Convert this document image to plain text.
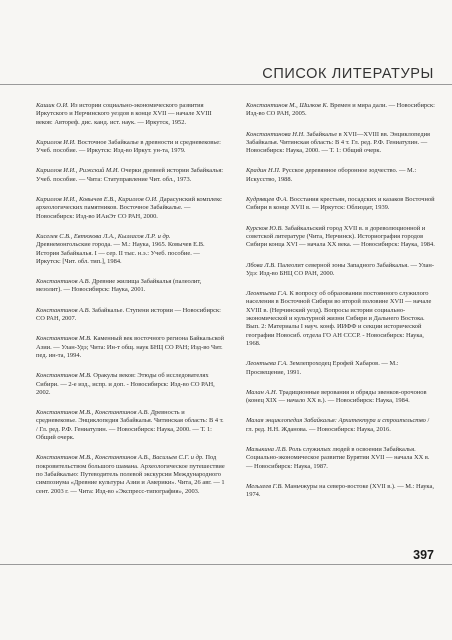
СПИСОК ЛИТЕРАТУРЫ

Кашик О.И. Из истории социально-экономического развития Иркутского и Нерчинского уездов в конце XVII — начале XVIII веков: Автореф. дис. канд. ист. наук. — Иркутск, 1952.

Кириллов И.И. Восточное Забайкалье в древности и средневековье: Учеб. пособие. — Иркутск: Изд-во Иркут. ун-та, 1979.

Кириллов И.И., Рижский М.И. Очерки древней истории Забайкалья: Учеб. пособие. — Чита: Статуправление Чит. обл., 1973.

Кириллов И.И., Ковычев Е.В., Кириллов О.И. Дарасунский комплекс археологических памятников. Восточное Забайкалье. — Новосибирск: Изд-во ИАиЭт СО РАН, 2000.

Киселев С.В., Евтюхова Л.А., Кызласов Л.Р. и др. Древнемонгольские города. — М.: Наука, 1965. Ковычев Е.В. История Забайкалья. I — сер. II тыс. н.э.: Учеб. пособие. — Иркутск: [Чит. обл. тип.], 1984.

Константинов А.В. Древние жилища Забайкалья (палеолит, мезолит). — Новосибирск: Наука, 2001.

Константинов А.В. Забайкалье. Ступени истории — Новосибирск: СО РАН, 2007.

Константинов М.В. Каменный век восточного региона Байкальской Азии. — Улан-Удэ; Чита: Ин-т общ. наук БНЦ СО РАН; Изд-во Чит. пед. ин-та, 1994.

Константинов М.В. Оракулы веков: Этюды об исследователях Сибири. — 2-е изд., испр. и доп. - Новосибирск: Изд-во СО РАН, 2002.

Константинов М.В., Константинов А.В. Древность и средневековье. Энциклопедия Забайкалья. Читинская область: В 4 т. / Гл. ред. Р.Ф. Гениатулин. — Новосибирск: Наука, 2000. — Т. 1: Общий очерк.

Константинов М.В., Константинов А.В., Васильев С.Г. и др. Под покровительством большого шамана. Археологическое путешествие по Забайкалью: Путеводитель полевой экскурсии Международного симпозиума «Древние культуры Азии и Америки». Чита, 26 авг. — 1 сент. 2003 г. — Чита: Изд-во «Экспресс-типография», 2003.

Константинов М., Шилков К. Времен и мира дали. — Новосибирск: Изд-во СО РАН, 2005.

Константинова Н.Н. Забайкалье в XVII—XVIII вв. Энциклопедия Забайкалья. Читинская область: В 4 т. Гл. ред. Р.Ф. Гениатулин. — Новосибирск: Наука, 2000. — Т. 1: Общий очерк.

Крадин Н.П. Русское деревянное оборонное зодчество. — М.: Искусство, 1988.

Кудрявцев Ф.А. Восстания крестьян, посадских и казаков Восточной Сибири в конце XVII в. — Иркутск: Облиздат, 1939.

Курсков Ю.В. Забайкальский город XVII в. в дореволюционной и советской литературе (Чита, Нерчинск). Историография городов Сибири конца XVI — начала XX века. — Новосибирск: Наука, 1984.

Лбова Л.В. Палеолит северной зоны Западного Забайкалья. — Улан-Удэ: Изд-во БНЦ СО РАН, 2000.

Леонтьева Г.А. К вопросу об образовании постоянного служилого населения в Восточной Сибири во второй половине XVII — начале XVIII в. (Нерчинский уезд). Вопросы истории социально-экономической и культурной жизни Сибири и Дальнего Востока. Вып. 2: Материалы I науч. конф. ИИФФ и секции исторической географии Новосиб. отдела ГО АН СССР. - Новосибирск: Наука, 1968.

Леонтьева Г.А. Землепроходец Ерофей Хабаров. — М.: Просвещение, 1991.

Малан А.Н. Традиционные верования и обряды эвенков-орочонов (конец XIX — начало XX в.). — Новосибирск: Наука, 1984.

Малая энциклопедия Забайкалья: Архитектура и строительство / гл. ред. Н.Н. Жданова. — Новосибирск: Наука, 2016.

Мазыкина Л.В. Роль служилых людей в освоении Забайкалья. Социально-экономическое развитие Бурятии XVII — начала XX в. — Новосибирск: Наука, 1987.

Мельхеев Г.В. Маньчжуры на северо-востоке (XVII в.). — М.: Наука, 1974.

397
